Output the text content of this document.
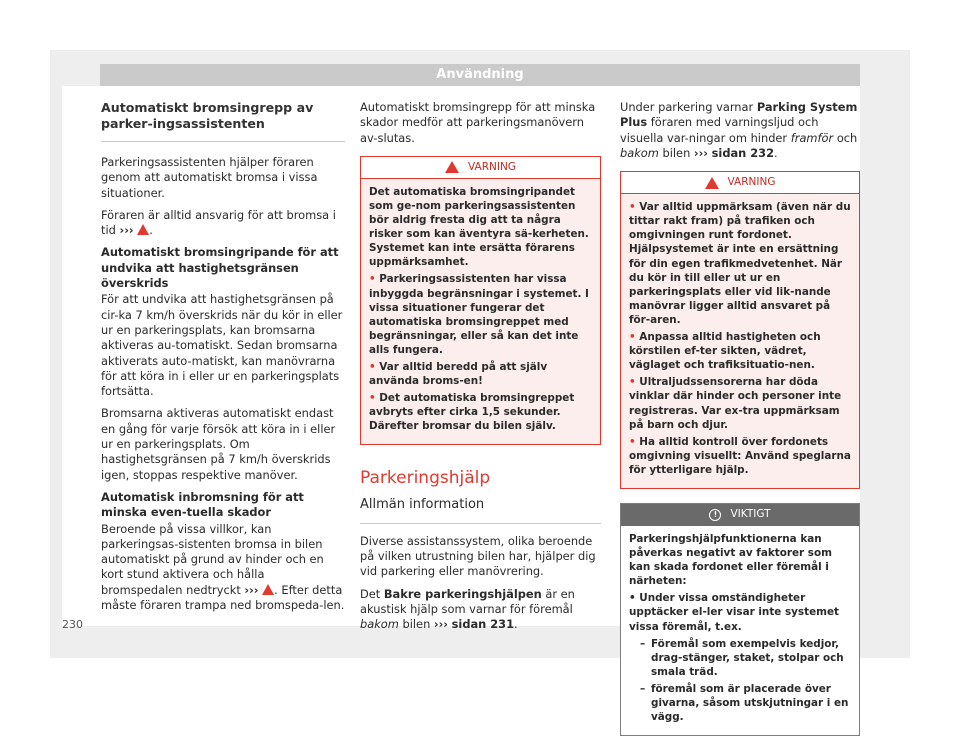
Användning
Automatiskt bromsingrepp av parker-ingsassistenten
Parkeringsassistenten hjälper föraren genom att automatiskt bromsa i vissa situationer.
Föraren är alltid ansvarig för att bromsa i tid ››› .
Automatiskt bromsingripande för att undvika att hastighetsgränsen överskrids
För att undvika att hastighetsgränsen på cir-ka 7 km/h överskrids när du kör in eller ur en parkeringsplats, kan bromsarna aktiveras au-tomatiskt. Sedan bromsarna aktiverats auto-matiskt, kan manövrarna för att köra in i eller ur en parkeringsplats fortsätta.
Bromsarna aktiveras automatiskt endast en gång för varje försök att köra in i eller ur en parkeringsplats. Om hastighetsgränsen på 7 km/h överskrids igen, stoppas respektive manöver.
Automatisk inbromsning för att minska even-tuella skador
Beroende på vissa villkor, kan parkeringsas-sistenten bromsa in bilen automatiskt på grund av hinder och en kort stund aktivera och hålla bromspedalen nedtryckt ››› . Efter detta måste föraren trampa ned bromspeda-len.
Automatiskt bromsingrepp för att minska skador medför att parkeringsmanövern av-slutas.
VARNING
Det automatiska bromsingripandet som ge-nom parkeringsassistenten bör aldrig fresta dig att ta några risker som kan äventyra sä-kerheten. Systemet kan inte ersätta förarens uppmärksamhet.
• Parkeringsassistenten har vissa inbyggda begränsningar i systemet. I vissa situationer fungerar det automatiska bromsingreppet med begränsningar, eller så kan det inte alls fungera.
• Var alltid beredd på att själv använda broms-en!
• Det automatiska bromsingreppet avbryts efter cirka 1,5 sekunder. Därefter bromsar du bilen själv.
Parkeringshjälp
Allmän information
Diverse assistanssystem, olika beroende på vilken utrustning bilen har, hjälper dig vid parkering eller manövrering.
Det Bakre parkeringshjälpen är en akustisk hjälp som varnar för föremål bakom bilen ››› sidan 231.
Under parkering varnar Parking System Plus föraren med varningsljud och visuella var-ningar om hinder framför och bakom bilen ››› sidan 232.
VARNING
• Var alltid uppmärksam (även när du tittar rakt fram) på trafiken och omgivningen runt fordonet. Hjälpsystemet är inte en ersättning för din egen trafikmedvetenhet. När du kör in till eller ut ur en parkeringsplats eller vid lik-nande manövrar ligger alltid ansvaret på för-aren.
• Anpassa alltid hastigheten och körstilen ef-ter sikten, vädret, väglaget och trafiksituatio-nen.
• Ultraljudssensorerna har döda vinklar där hinder och personer inte registreras. Var ex-tra uppmärksam på barn och djur.
• Ha alltid kontroll över fordonets omgivning visuellt: Använd speglarna för ytterligare hjälp.
!	VIKTIGT
Parkeringshjälpfunktionerna kan påverkas negativt av faktorer som kan skada fordonet eller föremål i närheten:
• Under vissa omständigheter upptäcker el-ler visar inte systemet vissa föremål, t.ex.
– Föremål som exempelvis kedjor, drag-stänger, staket, stolpar och smala träd.
– föremål som är placerade över givarna, såsom utskjutningar i en vägg.
230
